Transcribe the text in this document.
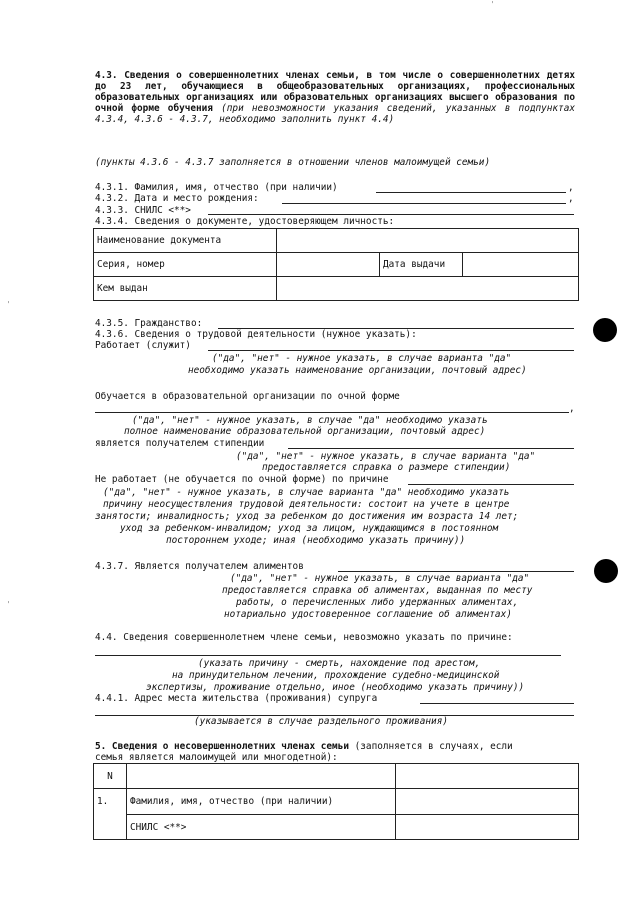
'
'
'
4.3. Сведения о совершеннолетних членах семьи, в том числе о совершеннолетних детях до 23 лет, обучающиеся в общеобразовательных организациях, профессиональных образовательных организациях или образовательных организациях высшего образования по очной форме обучения (при невозможности указания сведений, указанных в подпунктах 4.3.4, 4.3.6 - 4.3.7, необходимо заполнить пункт 4.4)
(пункты 4.3.6 - 4.3.7 заполняется в отношении членов малоимущей семьи)
4.3.1. Фамилия, имя, отчество (при наличии)	,
4.3.2. Дата и место рождения:	,
4.3.3. СНИЛС <**>
4.3.4. Сведения о документе, удостоверяющем личность:
Наименование документа			
Серия, номер		Дата выдачи	
Кем выдан			
4.3.5. Гражданство:
4.3.6. Сведения о трудовой деятельности (нужное указать):
Работает (служит)
("да", "нет" - нужное указать, в случае варианта "да"
необходимо указать наименование организации, почтовый адрес)
Обучается в образовательной организации по очной форме
,
("да", "нет" - нужное указать, в случае "да" необходимо указать
полное наименование образовательной организации, почтовый адрес)
является получателем стипендии
("да", "нет" - нужное указать, в случае варианта "да"
предоставляется справка о размере стипендии)
Не работает (не обучается по очной форме) по причине
("да", "нет" - нужное указать, в случае варианта "да" необходимо указать
причину неосуществления трудовой деятельности: состоит на учете в центре
занятости; инвалидность; уход за ребенком до достижения им возраста 14 лет;
уход за ребенком-инвалидом; уход за лицом, нуждающимся в постоянном
постороннем уходе; иная (необходимо указать причину))
4.3.7. Является получателем алиментов
("да", "нет" - нужное указать, в случае варианта "да"
предоставляется справка об алиментах, выданная по месту
работы, о перечисленных либо удержанных алиментах,
нотариально удостоверенное соглашение об алиментах)
4.4. Сведения совершеннолетнем члене семьи, невозможно указать по причине:
(указать причину - смерть, нахождение под арестом,
на принудительном лечении, прохождение судебно-медицинской
экспертизы, проживание отдельно, иное (необходимо указать причину))
4.4.1. Адрес места жительства (проживания) супруга
(указывается в случае раздельного проживания)
5. Сведения о несовершеннолетних членах семьи (заполняется в случаях, если
семья является малоимущей или многодетной):
N		
1.	Фамилия, имя, отчество (при наличии)	
	СНИЛС <**>	
